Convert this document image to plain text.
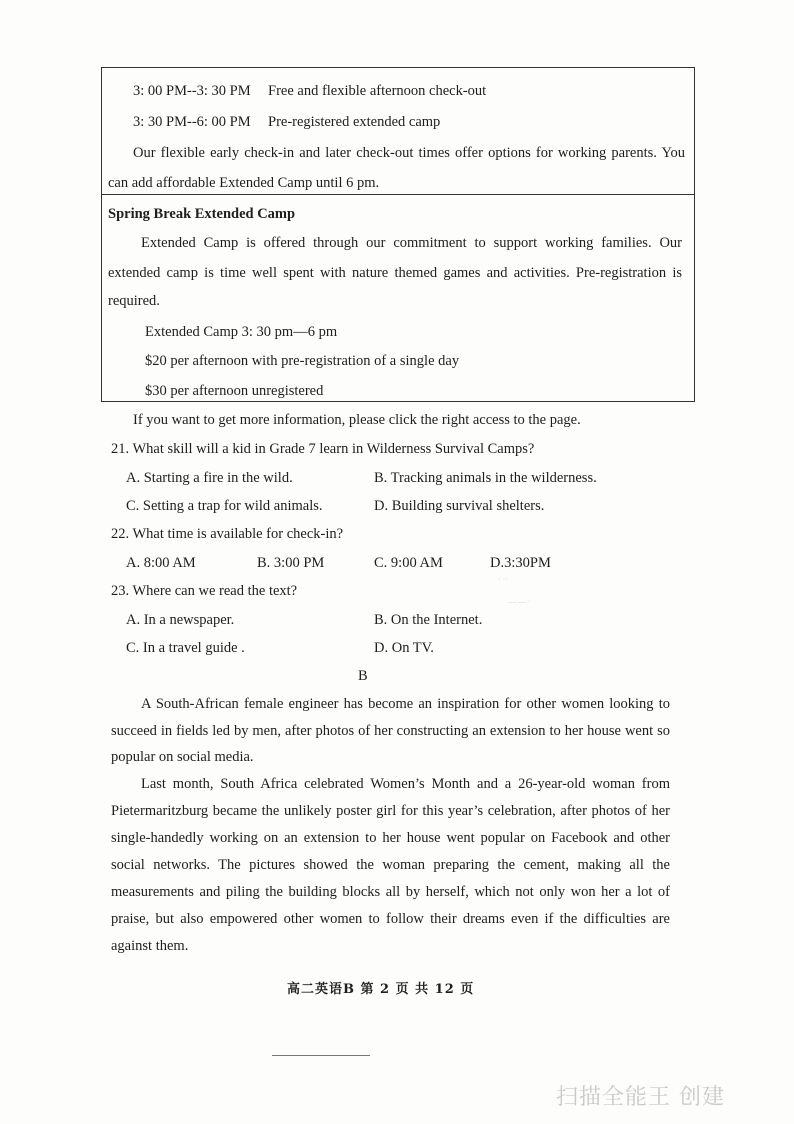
3: 00 PM--3: 30 PM Free and flexible afternoon check-out
3: 30 PM--6: 00 PM Pre-registered extended camp
Our flexible early check-in and later check-out times offer options for working parents. You
can add affordable Extended Camp until 6 pm.
Spring Break Extended Camp
Extended Camp is offered through our commitment to support working families. Our
extended camp is time well spent with nature themed games and activities. Pre-registration is
required.
Extended Camp 3: 30 pm—6 pm
$20 per afternoon with pre-registration of a single day
$30 per afternoon unregistered
If you want to get more information, please click the right access to the page.
21. What skill will a kid in Grade 7 learn in Wilderness Survival Camps?
A. Starting a fire in the wild.	B. Tracking animals in the wilderness.
C. Setting a trap for wild animals.	D. Building survival shelters.
22. What time is available for check-in?
A. 8:00 AM	B. 3:00 PM	C. 9:00 AM	D.3:30PM
· ··
— — ·
23. Where can we read the text?
A. In a newspaper.	B. On the Internet.
C. In a travel guide .	D. On TV.
B
A South-African female engineer has become an inspiration for other women looking to
succeed in fields led by men, after photos of her constructing an extension to her house went so
popular on social media.
Last month, South Africa celebrated Women’s Month and a 26-year-old woman from
Pietermaritzburg became the unlikely poster girl for this year’s celebration, after photos of her
single-handedly working on an extension to her house went popular on Facebook and other
social networks. The pictures showed the woman preparing the cement, making all the
measurements and piling the building blocks all by herself, which not only won her a lot of
praise, but also empowered other women to follow their dreams even if the difficulties are
against them.
高二英语B 第 2 页 共 12 页
扫描全能王 创建
